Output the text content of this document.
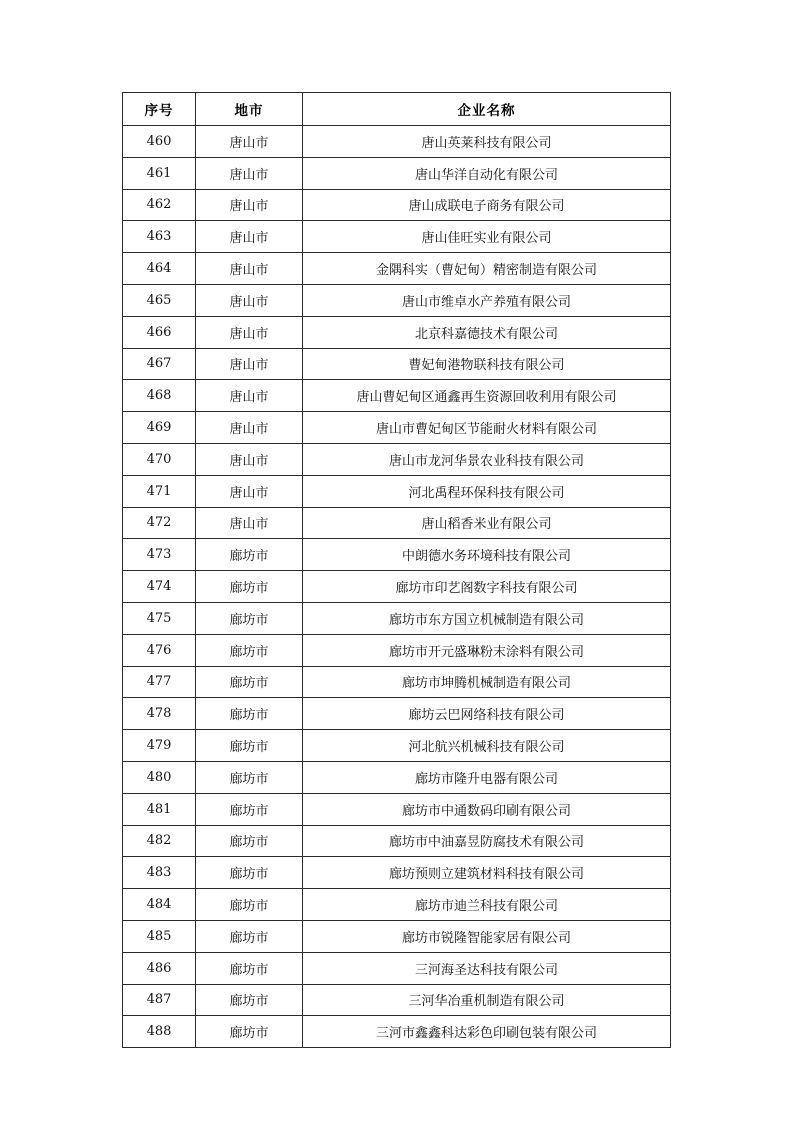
序号	地市	企业名称
460	唐山市	唐山英莱科技有限公司
461	唐山市	唐山华洋自动化有限公司
462	唐山市	唐山成联电子商务有限公司
463	唐山市	唐山佳旺实业有限公司
464	唐山市	金隅科实（曹妃甸）精密制造有限公司
465	唐山市	唐山市维卓水产养殖有限公司
466	唐山市	北京科嘉德技术有限公司
467	唐山市	曹妃甸港物联科技有限公司
468	唐山市	唐山曹妃甸区通鑫再生资源回收利用有限公司
469	唐山市	唐山市曹妃甸区节能耐火材料有限公司
470	唐山市	唐山市龙河华景农业科技有限公司
471	唐山市	河北禹程环保科技有限公司
472	唐山市	唐山稻香米业有限公司
473	廊坊市	中朗德水务环境科技有限公司
474	廊坊市	廊坊市印艺阁数字科技有限公司
475	廊坊市	廊坊市东方国立机械制造有限公司
476	廊坊市	廊坊市开元盛琳粉末涂料有限公司
477	廊坊市	廊坊市坤腾机械制造有限公司
478	廊坊市	廊坊云巴网络科技有限公司
479	廊坊市	河北航兴机械科技有限公司
480	廊坊市	廊坊市隆升电器有限公司
481	廊坊市	廊坊市中通数码印刷有限公司
482	廊坊市	廊坊市中油嘉昱防腐技术有限公司
483	廊坊市	廊坊预则立建筑材料科技有限公司
484	廊坊市	廊坊市迪兰科技有限公司
485	廊坊市	廊坊市锐隆智能家居有限公司
486	廊坊市	三河海圣达科技有限公司
487	廊坊市	三河华冶重机制造有限公司
488	廊坊市	三河市鑫鑫科达彩色印刷包装有限公司
